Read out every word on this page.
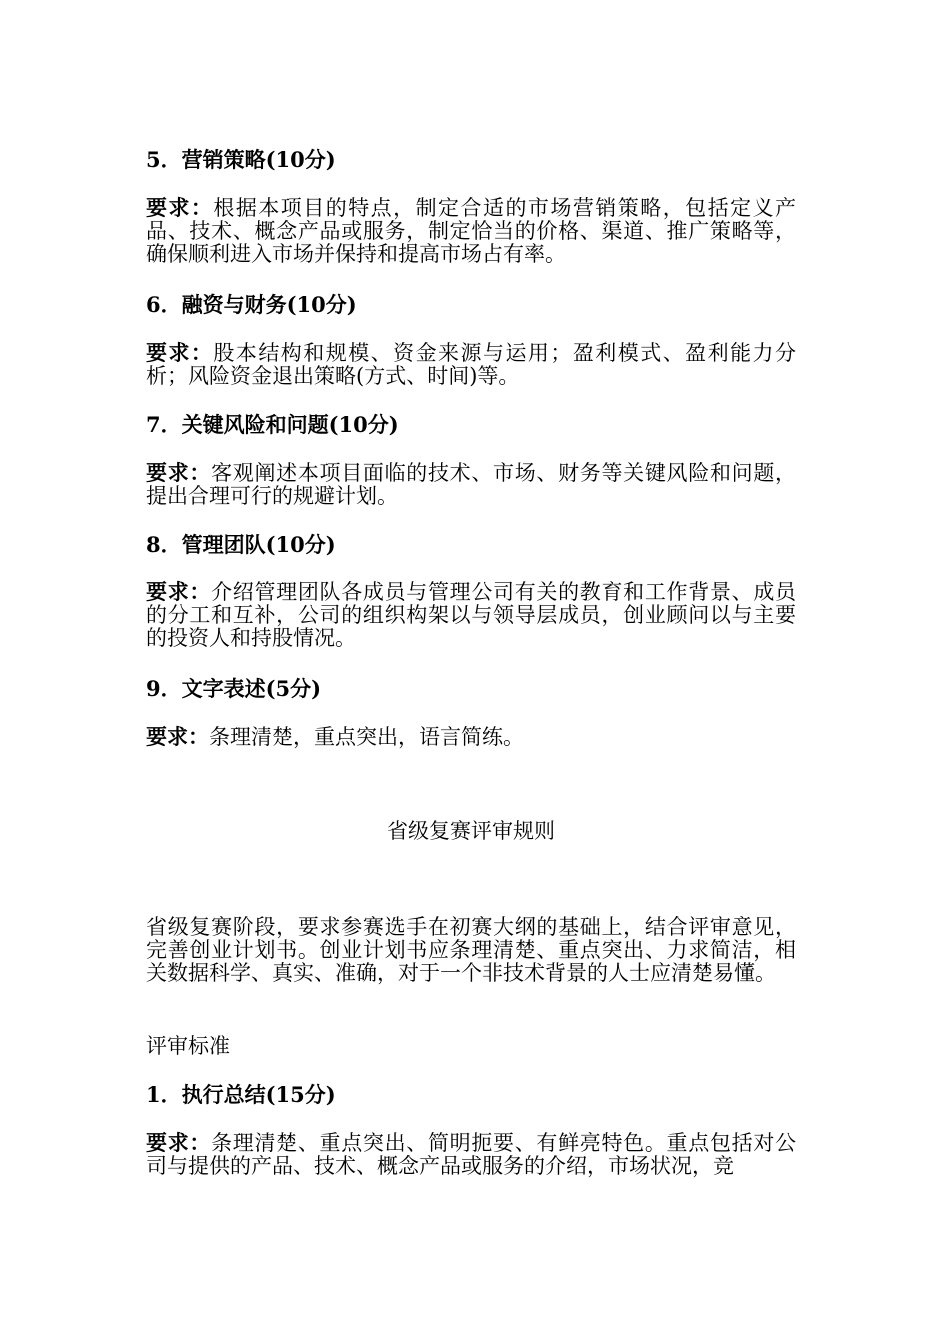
5．营销策略(10分)
要求：根据本项目的特点，制定合适的市场营销策略，包括定义产品、技术、概念产品或服务，制定恰当的价格、渠道、推广策略等，确保顺利进入市场并保持和提高市场占有率。
6．融资与财务(10分)
要求：股本结构和规模、资金来源与运用；盈利模式、盈利能力分析；风险资金退出策略(方式、时间)等。
7．关键风险和问题(10分)
要求：客观阐述本项目面临的技术、市场、财务等关键风险和问题，提出合理可行的规避计划。
8．管理团队(10分)
要求：介绍管理团队各成员与管理公司有关的教育和工作背景、成员的分工和互补，公司的组织构架以与领导层成员，创业顾问以与主要的投资人和持股情况。
9．文字表述(5分)
要求：条理清楚，重点突出，语言简练。
省级复赛评审规则
省级复赛阶段，要求参赛选手在初赛大纲的基础上，结合评审意见，完善创业计划书。创业计划书应条理清楚、重点突出、力求简洁，相关数据科学、真实、准确，对于一个非技术背景的人士应清楚易懂。
评审标准
1．执行总结(15分)
要求：条理清楚、重点突出、简明扼要、有鲜亮特色。重点包括对公司与提供的产品、技术、概念产品或服务的介绍，市场状况，竞
